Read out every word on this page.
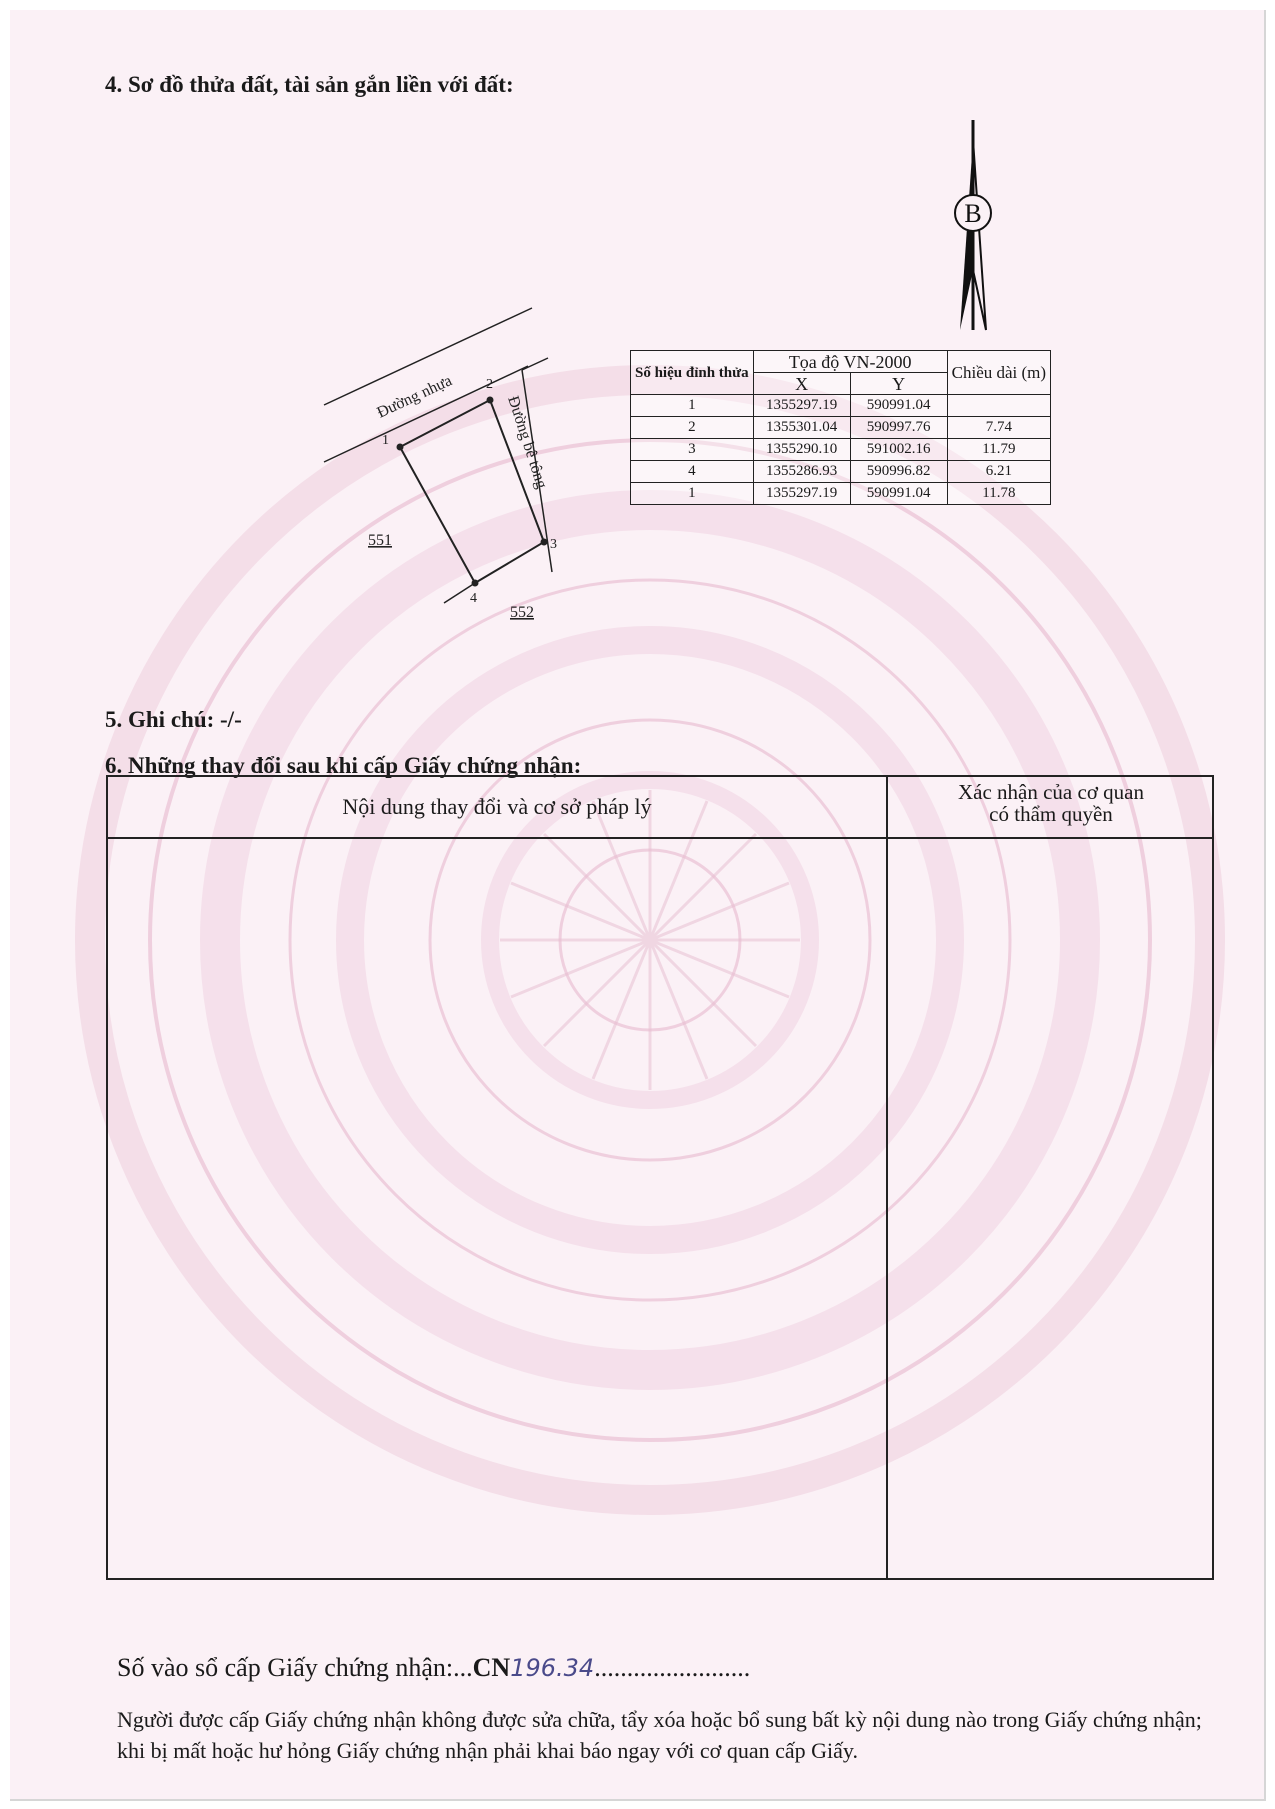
4. Sơ đồ thửa đất, tài sản gắn liền với đất:
B
1
2
3
4
Đường nhựa	Đường bê tông
551
552
Số hiệu đỉnh thửa	Tọa độ VN-2000		Chiều dài (m)
	X	Y	
1	1355297.19	590991.04	
2	1355301.04	590997.76	7.74
3	1355290.10	591002.16	11.79
4	1355286.93	590996.82	6.21
1	1355297.19	590991.04	11.78
5. Ghi chú: -/-
6. Những thay đổi sau khi cấp Giấy chứng nhận:
Nội dung thay đổi và cơ sở pháp lý
Xác nhận của cơ quan
có thẩm quyền
Số vào sổ cấp Giấy chứng nhận:...CN196.34........................
Người được cấp Giấy chứng nhận không được sửa chữa, tẩy xóa hoặc bổ sung bất kỳ nội dung nào trong Giấy chứng nhận; khi bị mất hoặc hư hỏng Giấy chứng nhận phải khai báo ngay với cơ quan cấp Giấy.
